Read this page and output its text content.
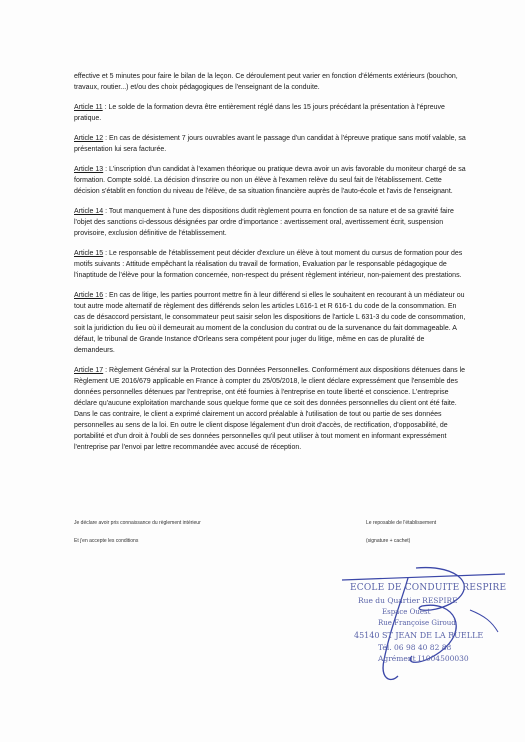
effective et 5 minutes pour faire le bilan de la leçon. Ce déroulement peut varier en fonction d'éléments extérieurs (bouchon, travaux, routier...) et/ou des choix pédagogiques de l'enseignant de la conduite.

Article 11 : Le solde de la formation devra être entièrement réglé dans les 15 jours précédant la présentation à l'épreuve pratique.

Article 12 : En cas de désistement 7 jours ouvrables avant le passage d'un candidat à l'épreuve pratique sans motif valable, sa présentation lui sera facturée.

Article 13 : L'inscription d'un candidat à l'examen théorique ou pratique devra avoir un avis favorable du moniteur chargé de sa formation. Compte soldé. La décision d'inscrire ou non un élève à l'examen relève du seul fait de l'établissement. Cette décision s'établit en fonction du niveau de l'élève, de sa situation financière auprès de l'auto-école et l'avis de l'enseignant.

Article 14 : Tout manquement à l'une des dispositions dudit règlement pourra en fonction de sa nature et de sa gravité faire l'objet des sanctions ci-dessous désignées par ordre d'importance : avertissement oral, avertissement écrit, suspension provisoire, exclusion définitive de l'établissement.

Article 15 : Le responsable de l'établissement peut décider d'exclure un élève à tout moment du cursus de formation pour des motifs suivants : Attitude empêchant la réalisation du travail de formation, Evaluation par le responsable pédagogique de l'inaptitude de l'élève pour la formation concernée, non-respect du présent règlement intérieur, non-paiement des prestations.

Article 16 : En cas de litige, les parties pourront mettre fin à leur différend si elles le souhaitent en recourant à un médiateur ou tout autre mode alternatif de règlement des différends selon les articles L616-1 et R 616-1 du code de la consommation. En cas de désaccord persistant, le consommateur peut saisir selon les dispositions de l'article L 631-3 du code de consommation, soit la juridiction du lieu où il demeurait au moment de la conclusion du contrat ou de la survenance du fait dommageable. A défaut, le tribunal de Grande Instance d'Orleans sera compétent pour juger du litige, même en cas de pluralité de demandeurs.

Article 17 : Règlement Général sur la Protection des Données Personnelles. Conformément aux dispositions détenues dans le Règlement UE 2016/679 applicable en France à compter du 25/05/2018, le client déclare expressément que l'ensemble des données personnelles détenues par l'entreprise, ont été fournies à l'entreprise en toute liberté et conscience. L'entreprise déclare qu'aucune exploitation marchande sous quelque forme que ce soit des données personnelles du client ont été faite. Dans le cas contraire, le client a exprimé clairement un accord préalable à l'utilisation de tout ou partie de ses données personnelles au sens de la loi. En outre le client dispose légalement d'un droit d'accès, de rectification, d'opposabilité, de portabilité et d'un droit à l'oubli de ses données personnelles qu'il peut utiliser à tout moment en informant expressément l'entreprise par l'envoi par lettre recommandée avec accusé de réception.

Je déclare avoir pris connaissance du règlement intérieur
Et j'en accepte les conditions
Le reposable de l'établissement
(signature + cachet)
ECOLE DE CONDUITE RESPIRE
Rue du Quartier RESPIRE
Espace Ouest
Rue Françoise Giroud
45140 ST JEAN DE LA RUELLE
Tél. 06 98 40 82 88
Agrément I1004500030
